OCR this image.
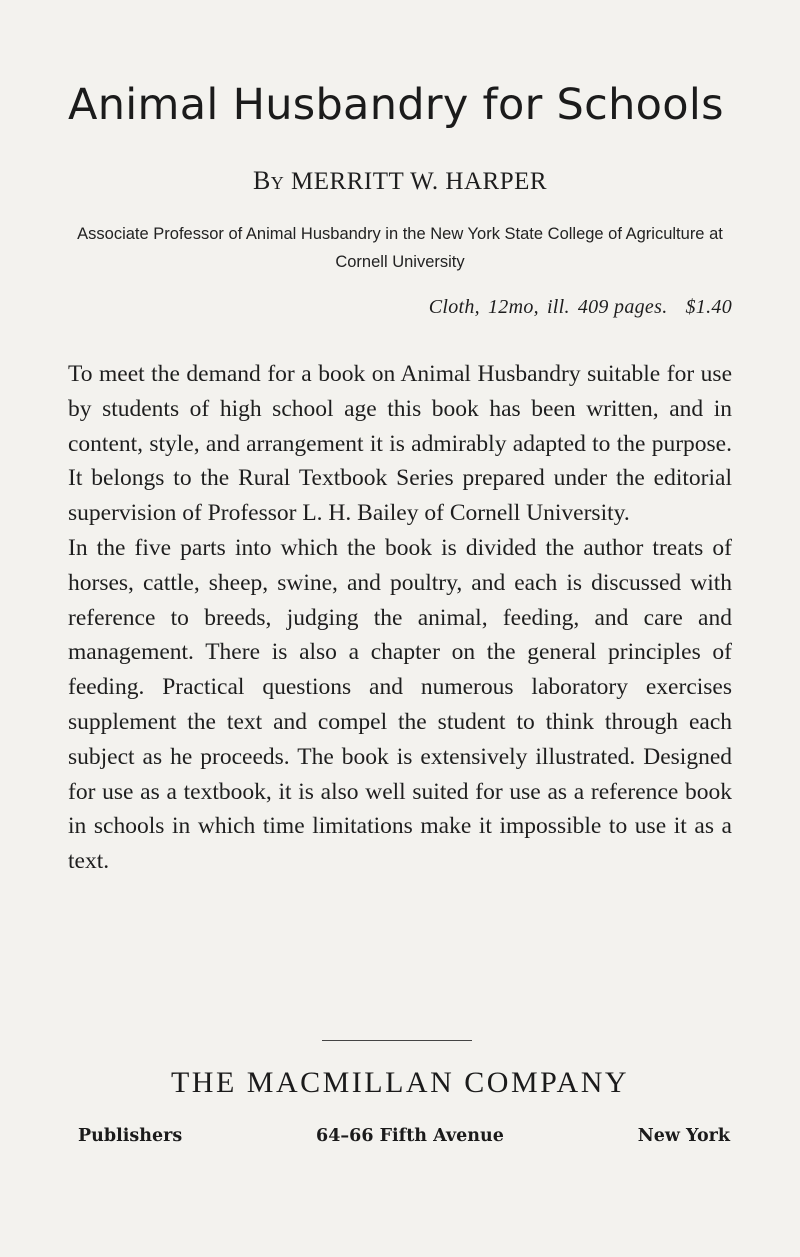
Animal Husbandry for Schools
By MERRITT W. HARPER
Associate Professor of Animal Husbandry in the New York State College of Agriculture at Cornell University
Cloth, 12mo, ill. 409 pages. $1.40

To meet the demand for a book on Animal Husbandry suitable for use by students of high school age this book has been written, and in content, style, and arrangement it is admirably adapted to the purpose. It belongs to the Rural Textbook Series prepared under the editorial supervision of Professor L. H. Bailey of Cornell University.

In the five parts into which the book is divided the author treats of horses, cattle, sheep, swine, and poultry, and each is discussed with reference to breeds, judging the animal, feeding, and care and management. There is also a chapter on the general principles of feeding. Practical questions and numerous laboratory exercises supplement the text and compel the student to think through each subject as he proceeds. The book is extensively illustrated. Designed for use as a textbook, it is also well suited for use as a reference book in schools in which time limitations make it impossible to use it as a text.

THE MACMILLAN COMPANY
Publishers	64–66 Fifth Avenue	New York
